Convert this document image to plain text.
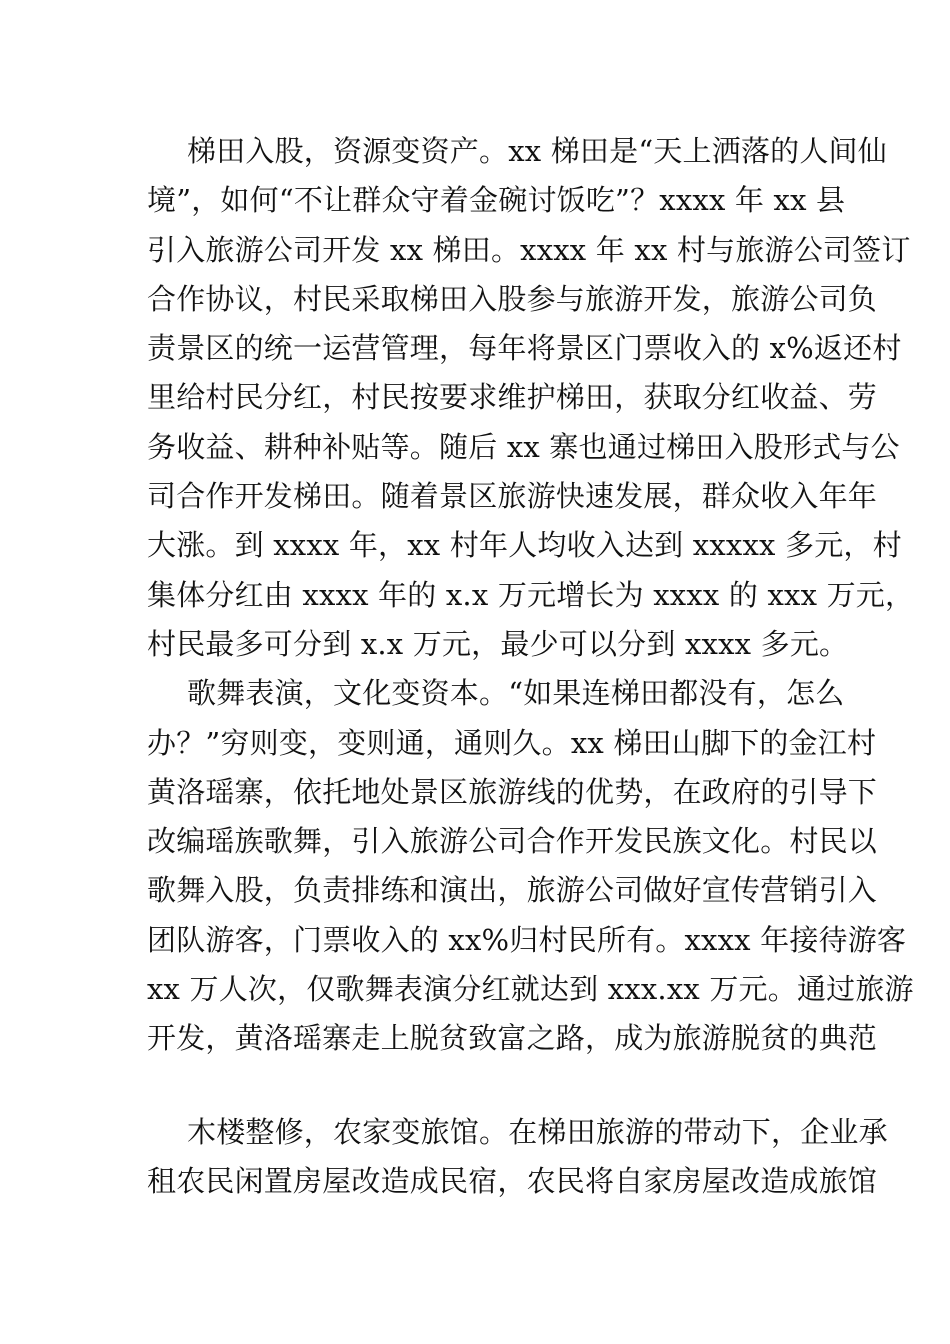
梯田入股，资源变资产。xx 梯田是“天上洒落的人间仙
境”，如何“不让群众守着金碗讨饭吃”？xxxx 年 xx 县
引入旅游公司开发 xx 梯田。xxxx 年 xx 村与旅游公司签订
合作协议，村民采取梯田入股参与旅游开发，旅游公司负
责景区的统一运营管理，每年将景区门票收入的 x%返还村
里给村民分红，村民按要求维护梯田，获取分红收益、劳
务收益、耕种补贴等。随后 xx 寨也通过梯田入股形式与公
司合作开发梯田。随着景区旅游快速发展，群众收入年年
大涨。到 xxxx 年，xx 村年人均收入达到 xxxxx 多元，村
集体分红由 xxxx 年的 x.x 万元增长为 xxxx 的 xxx 万元，
村民最多可分到 x.x 万元，最少可以分到 xxxx 多元。
歌舞表演，文化变资本。“如果连梯田都没有，怎么
办？”穷则变，变则通，通则久。xx 梯田山脚下的金江村
黄洛瑶寨，依托地处景区旅游线的优势，在政府的引导下
改编瑶族歌舞，引入旅游公司合作开发民族文化。村民以
歌舞入股，负责排练和演出，旅游公司做好宣传营销引入
团队游客，门票收入的 xx%归村民所有。xxxx 年接待游客
xx 万人次，仅歌舞表演分红就达到 xxx.xx 万元。通过旅游
开发，黄洛瑶寨走上脱贫致富之路，成为旅游脱贫的典范
木楼整修，农家变旅馆。在梯田旅游的带动下，企业承
租农民闲置房屋改造成民宿，农民将自家房屋改造成旅馆
